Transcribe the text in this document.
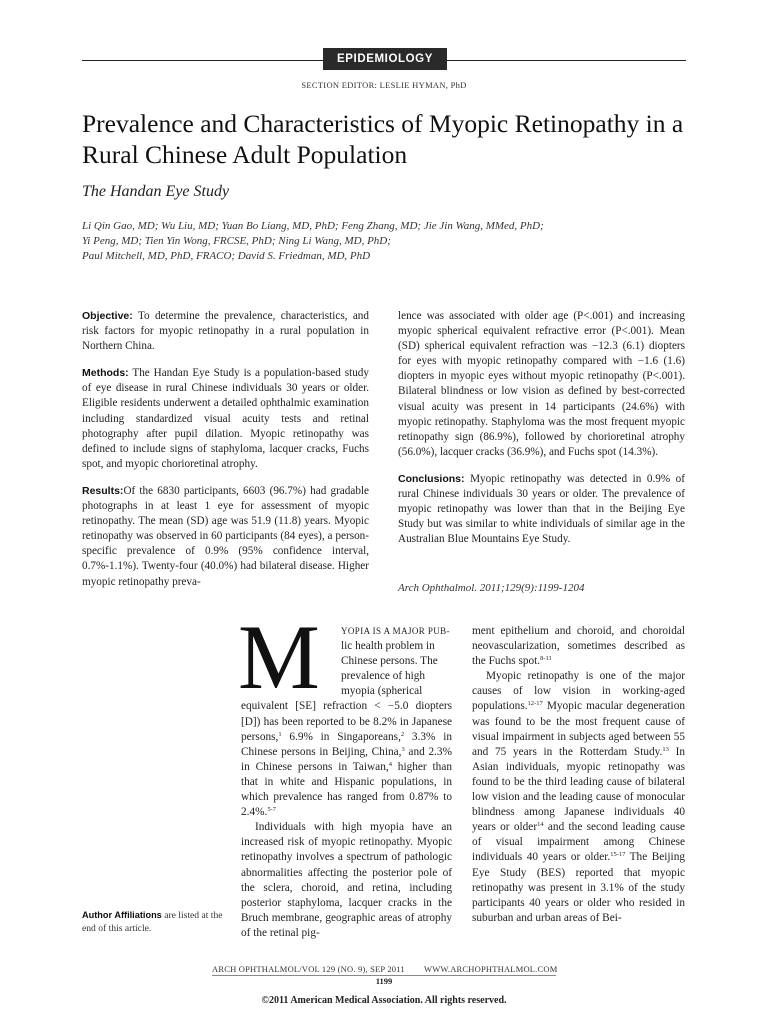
EPIDEMIOLOGY
SECTION EDITOR: LESLIE HYMAN, PhD
Prevalence and Characteristics of Myopic Retinopathy in a Rural Chinese Adult Population
The Handan Eye Study
Li Qin Gao, MD; Wu Liu, MD; Yuan Bo Liang, MD, PhD; Feng Zhang, MD; Jie Jin Wang, MMed, PhD;
Yi Peng, MD; Tien Yin Wong, FRCSE, PhD; Ning Li Wang, MD, PhD;
Paul Mitchell, MD, PhD, FRACO; David S. Friedman, MD, PhD

Objective: To determine the prevalence, characteristics, and risk factors for myopic retinopathy in a rural population in Northern China.

Methods: The Handan Eye Study is a population-based study of eye disease in rural Chinese individuals 30 years or older. Eligible residents underwent a detailed ophthalmic examination including standardized visual acuity tests and retinal photography after pupil dilation. Myopic retinopathy was defined to include signs of staphyloma, lacquer cracks, Fuchs spot, and myopic chorioretinal atrophy.

Results:Of the 6830 participants, 6603 (96.7%) had gradable photographs in at least 1 eye for assessment of myopic retinopathy. The mean (SD) age was 51.9 (11.8) years. Myopic retinopathy was observed in 60 participants (84 eyes), a person-specific prevalence of 0.9% (95% confidence interval, 0.7%-1.1%). Twenty-four (40.0%) had bilateral disease. Higher myopic retinopathy preva-

lence was associated with older age (P<.001) and increasing myopic spherical equivalent refractive error (P<.001). Mean (SD) spherical equivalent refraction was −12.3 (6.1) diopters for eyes with myopic retinopathy compared with −1.6 (1.6) diopters in myopic eyes without myopic retinopathy (P<.001). Bilateral blindness or low vision as defined by best-corrected visual acuity was present in 14 participants (24.6%) with myopic retinopathy. Staphyloma was the most frequent myopic retinopathy sign (86.9%), followed by chorioretinal atrophy (56.0%), lacquer cracks (36.9%), and Fuchs spot (14.3%).

Conclusions: Myopic retinopathy was detected in 0.9% of rural Chinese individuals 30 years or older. The prevalence of myopic retinopathy was lower than that in the Beijing Eye Study but was similar to white individuals of similar age in the Australian Blue Mountains Eye Study.

Arch Ophthalmol. 2011;129(9):1199-1204
M	YOPIA IS A MAJOR PUB-
lic health problem in
Chinese persons. The
prevalence of high
myopia (spherical

equivalent [SE] refraction < −5.0 diopters [D]) has been reported to be 8.2% in Japanese persons,$^1$ 6.9% in Singaporeans,$^2$ 3.3% in Chinese persons in Beijing, China,$^3$ and 2.3% in Chinese persons in Taiwan,$^4$ higher than that in white and Hispanic populations, in which prevalence has ranged from 0.87% to 2.4%.$^{5-7}$

Individuals with high myopia have an increased risk of myopic retinopathy. Myopic retinopathy involves a spectrum of pathologic abnormalities affecting the posterior pole of the sclera, choroid, and retina, including posterior staphyloma, lacquer cracks in the Bruch membrane, geographic areas of atrophy of the retinal pig-

ment epithelium and choroid, and choroidal neovascularization, sometimes described as the Fuchs spot.$^{8-11}$

Myopic retinopathy is one of the major causes of low vision in working-aged populations.$^{12-17}$ Myopic macular degeneration was found to be the most frequent cause of visual impairment in subjects aged between 55 and 75 years in the Rotterdam Study.$^{13}$ In Asian individuals, myopic retinopathy was found to be the third leading cause of bilateral low vision and the leading cause of monocular blindness among Japanese individuals 40 years or older$^{14}$ and the second leading cause of visual impairment among Chinese individuals 40 years or older.$^{15-17}$ The Beijing Eye Study (BES) reported that myopic retinopathy was present in 3.1% of the study participants 40 years or older who resided in suburban and urban areas of Bei-

Author Affiliations are listed at the end of this article.
ARCH OPHTHALMOL/VOL 129 (NO. 9), SEP 2011 WWW.ARCHOPHTHALMOL.COM
1199
©2011 American Medical Association. All rights reserved.
